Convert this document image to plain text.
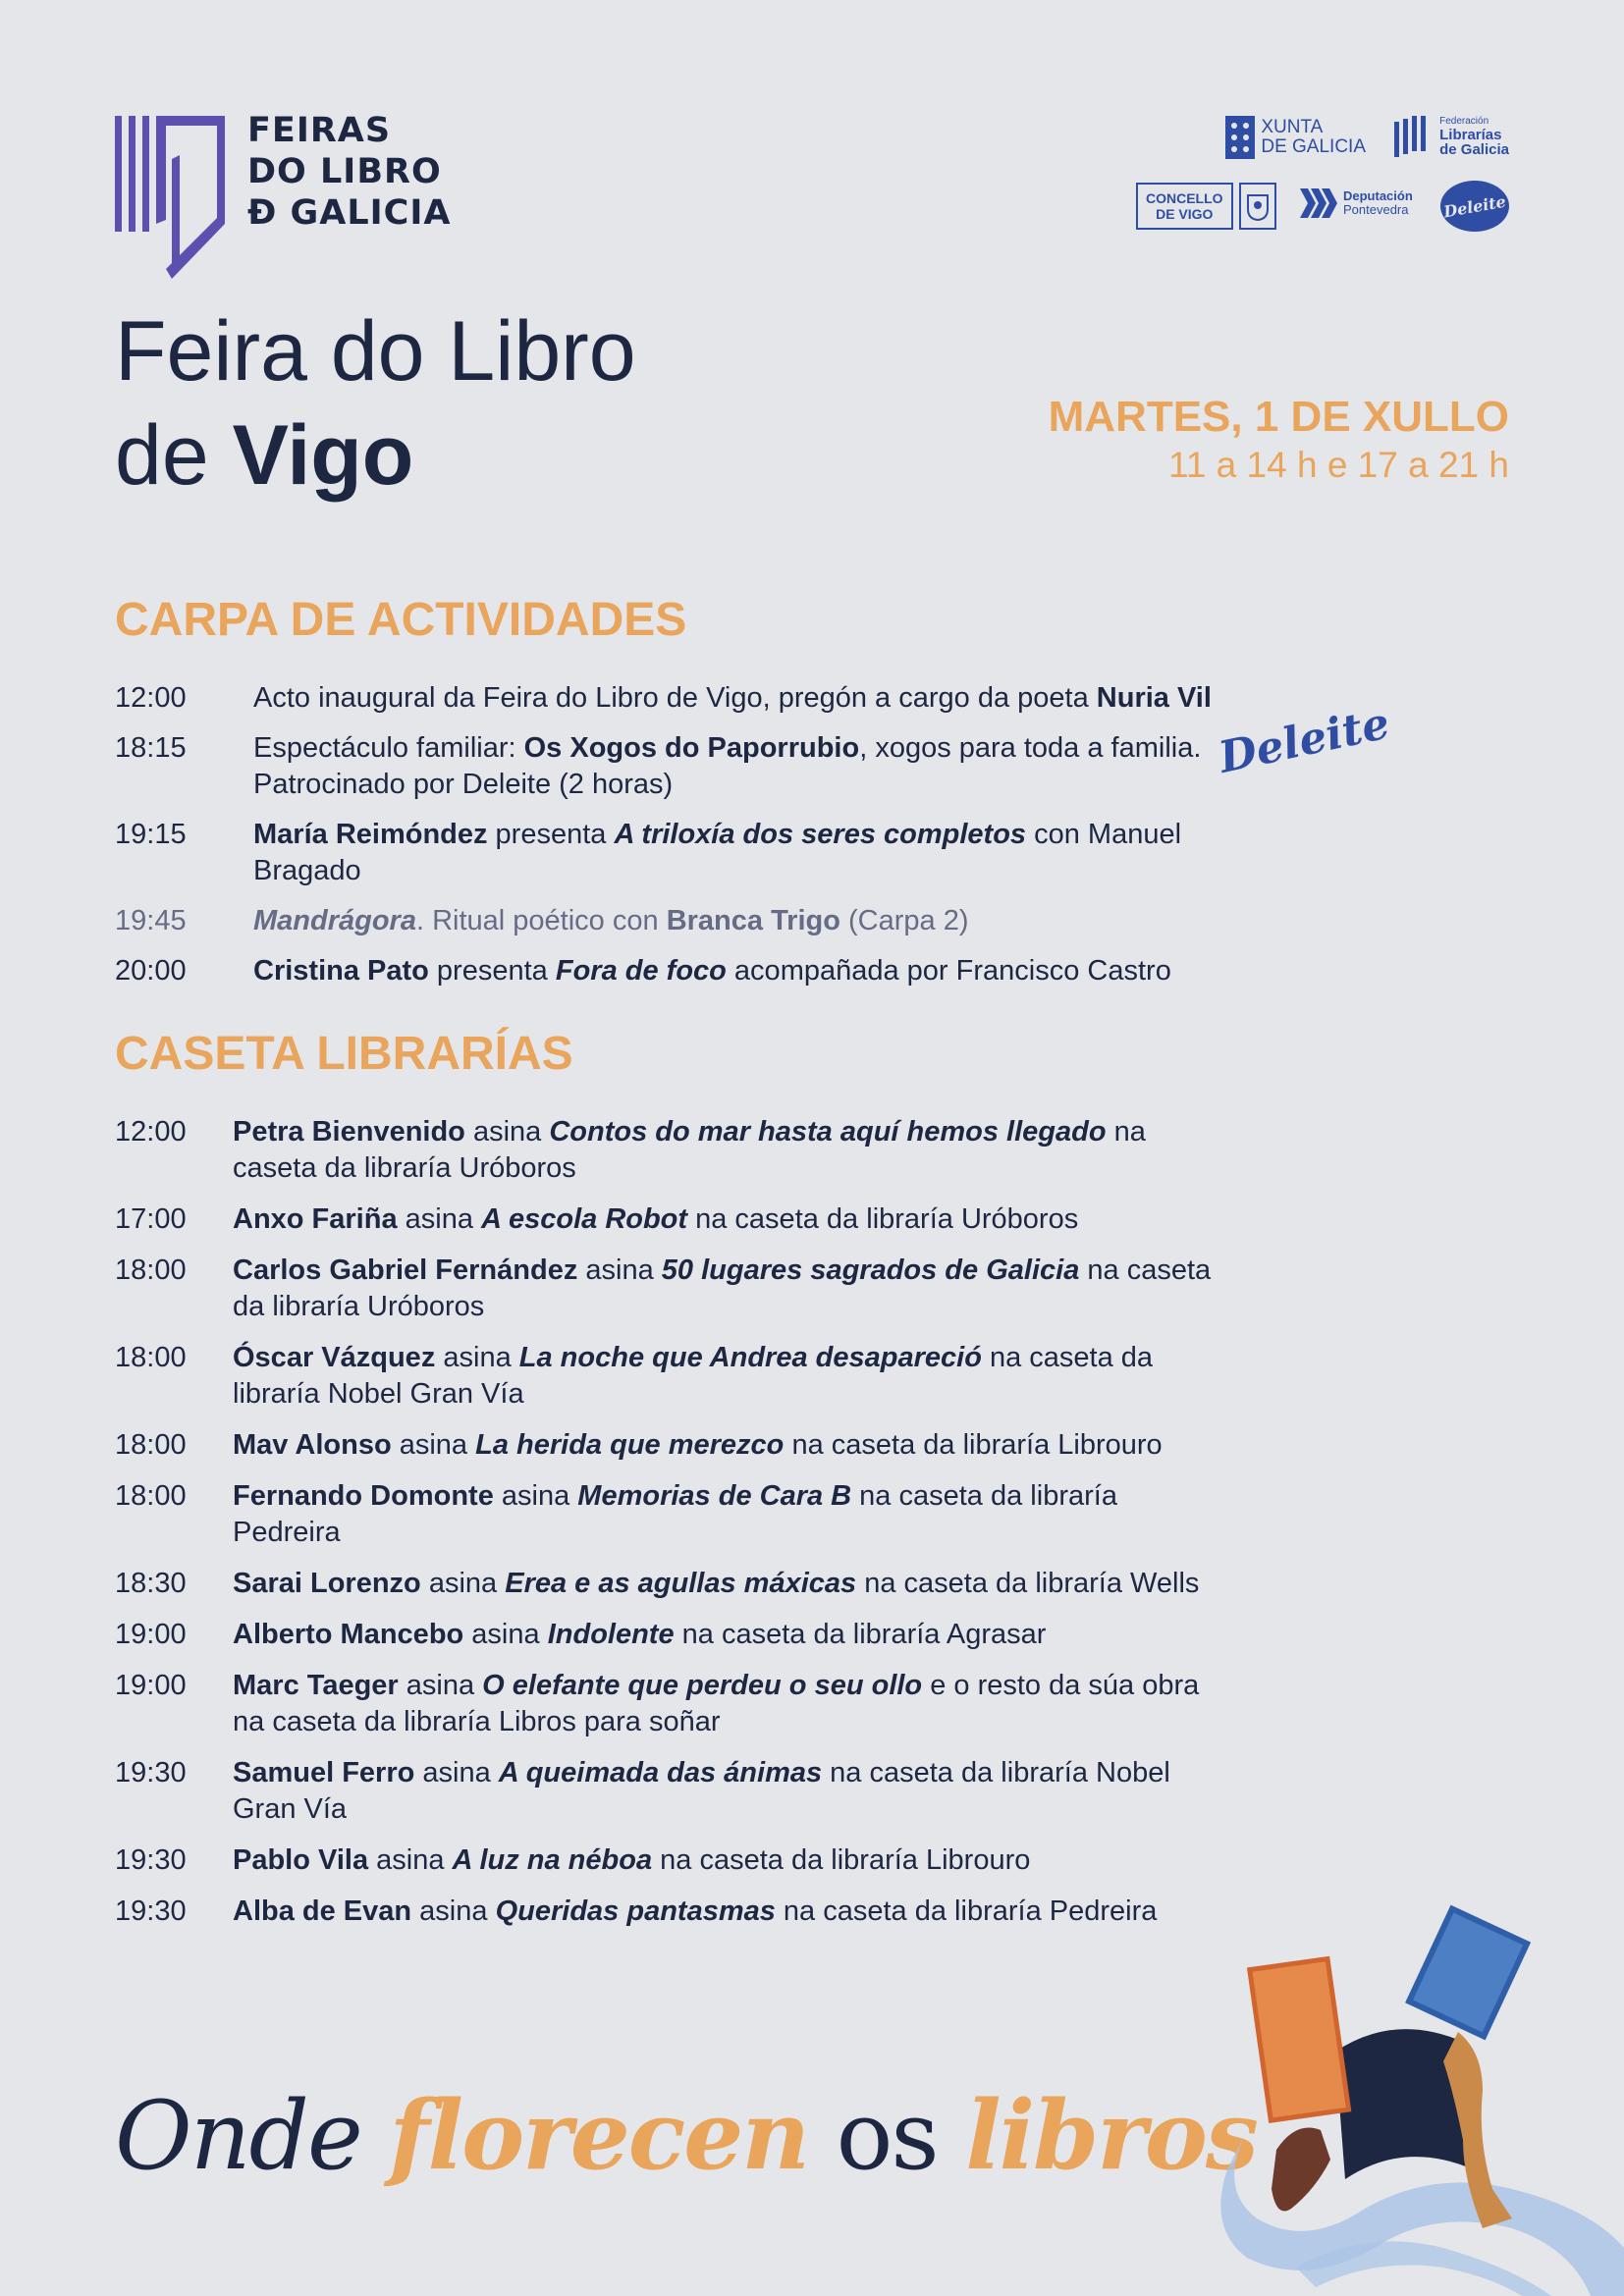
FEIRAS
DO LIBRO
Ð GALICIA
XUNTA
DE GALICIA
Federación
Librarías
de Galicia
CONCELLO
DE VIGO
Deputación
Pontevedra Deleite
Feira do Libro
de Vigo	MARTES, 1 DE XULLO
11 a 14 h e 17 a 21 h
CARPA DE ACTIVIDADES
12:00	Acto inaugural da Feira do Libro de Vigo, pregón a cargo da poeta Nuria Vil
18:15	Espectáculo familiar: Os Xogos do Paporrubio, xogos para toda a familia.
Patrocinado por Deleite (2 horas)
19:15	María Reimóndez presenta A triloxía dos seres completos con Manuel Bragado
19:45	Mandrágora. Ritual poético con Branca Trigo (Carpa 2)
20:00	Cristina Pato presenta Fora de foco acompañada por Francisco Castro
Deleite
CASETA LIBRARÍAS
12:00	Petra Bienvenido asina Contos do mar hasta aquí hemos llegado na caseta da libraría Uróboros
17:00	Anxo Fariña asina A escola Robot na caseta da libraría Uróboros
18:00	Carlos Gabriel Fernández asina 50 lugares sagrados de Galicia na caseta da libraría Uróboros
18:00	Óscar Vázquez asina La noche que Andrea desapareció na caseta da libraría Nobel Gran Vía
18:00	Mav Alonso asina La herida que merezco na caseta da libraría Librouro
18:00	Fernando Domonte asina Memorias de Cara B na caseta da libraría Pedreira
18:30	Sarai Lorenzo asina Erea e as agullas máxicas na caseta da libraría Wells
19:00	Alberto Mancebo asina Indolente na caseta da libraría Agrasar
19:00	Marc Taeger asina O elefante que perdeu o seu ollo e o resto da súa obra na caseta da libraría Libros para soñar
19:30	Samuel Ferro asina A queimada das ánimas na caseta da libraría Nobel Gran Vía
19:30	Pablo Vila asina A luz na néboa na caseta da libraría Librouro
19:30	Alba de Evan asina Queridas pantasmas na caseta da libraría Pedreira
Onde florecen os libros
